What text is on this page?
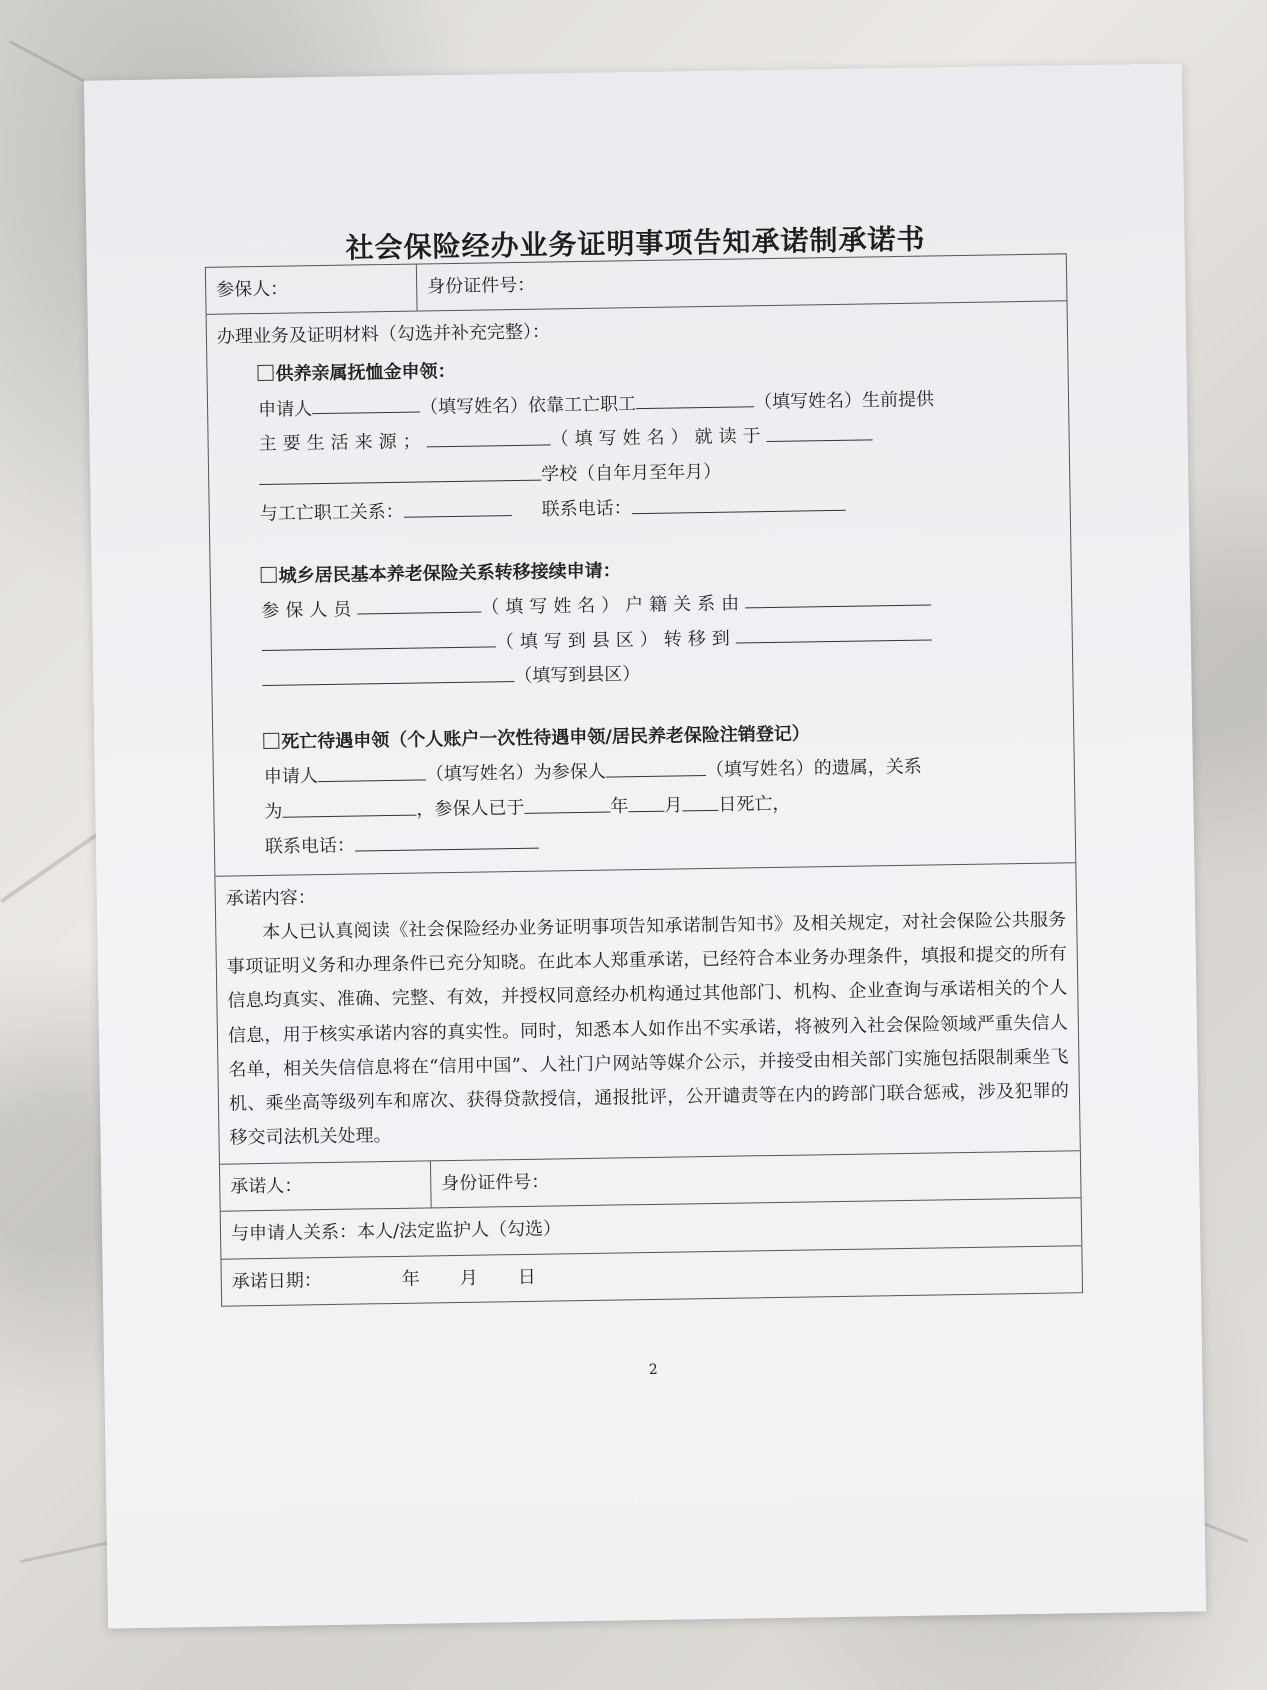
社会保险经办业务证明事项告知承诺制承诺书
参保人：	身份证件号：
办理业务及证明材料（勾选并补充完整）：
供养亲属抚恤金申领：
申请人	（填写姓名）依靠工亡职工	（填写姓名）生前提供
主要生活来源；	（填写姓名）就读于
学校（自年月至年月）
与工亡职工关系：	联系电话：
城乡居民基本养老保险关系转移接续申请：
参保人员	（填写姓名）户籍关系由
（填写到县区）转移到
（填写到县区）
死亡待遇申领（个人账户一次性待遇申领/居民养老保险注销登记）
申请人	（填写姓名）为参保人	（填写姓名）的遗属，关系
为	，参保人已于	年 月 日死亡，
联系电话：
承诺内容：

本人已认真阅读《社会保险经办业务证明事项告知承诺制告知书》及相关规定，对社会保险公共服务事项证明义务和办理条件已充分知晓。在此本人郑重承诺，已经符合本业务办理条件，填报和提交的所有信息均真实、准确、完整、有效，并授权同意经办机构通过其他部门、机构、企业查询与承诺相关的个人信息，用于核实承诺内容的真实性。同时，知悉本人如作出不实承诺，将被列入社会保险领域严重失信人名单，相关失信信息将在“信用中国”、人社门户网站等媒介公示，并接受由相关部门实施包括限制乘坐飞机、乘坐高等级列车和席次、获得贷款授信，通报批评，公开谴责等在内的跨部门联合惩戒，涉及犯罪的移交司法机关处理。

承诺人：	身份证件号：
与申请人关系：本人/法定监护人（勾选）
承诺日期：	年 月 日
2
